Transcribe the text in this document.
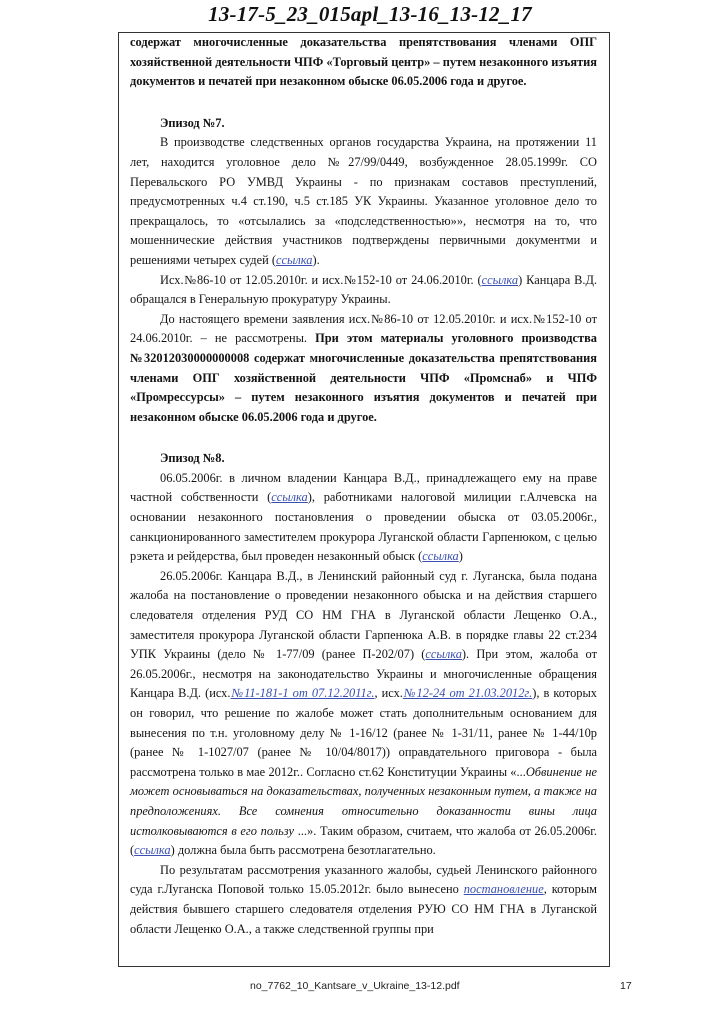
13-17-5_23_015apl_13-16_13-12_17

содержат многочисленные доказательства препятствования членами ОПГ хозяйственной деятельности ЧПФ «Торговый центр» – путем незаконного изъятия документов и печатей при незаконном обыске 06.05.2006 года и другое.

Эпизод №7.

В производстве следственных органов государства Украина, на протяжении 11 лет, находится уголовное дело №27/99/0449, возбужденное 28.05.1999г. СО Перевальского РО УМВД Украины - по признакам составов преступлений, предусмотренных ч.4 ст.190, ч.5 ст.185 УК Украины. Указанное уголовное дело то прекращалось, то «отсылались за «подследственностью»», несмотря на то, что мошеннические действия участников подтверждены первичными документми и решениями четырех судей (ссылка).

Исх.№86-10 от 12.05.2010г. и исх.№152-10 от 24.06.2010г. (ссылка) Канцара В.Д. обращался в Генеральную прокуратуру Украины.

До настоящего времени заявления исх.№86-10 от 12.05.2010г. и исх.№152-10 от 24.06.2010г. – не рассмотрены. При этом материалы уголовного производства №32012030000000008 содержат многочисленные доказательства препятствования членами ОПГ хозяйственной деятельности ЧПФ «Промснаб» и ЧПФ «Промрессурсы» – путем незаконного изъятия документов и печатей при незаконном обыске 06.05.2006 года и другое.

Эпизод №8.

06.05.2006г. в личном владении Канцара В.Д., принадлежащего ему на праве частной собственности (ссылка), работниками налоговой милиции г.Алчевска на основании незаконного постановления о проведении обыска от 03.05.2006г., санкционированного заместителем прокурора Луганской области Гарпенюком, с целью рэкета и рейдерства, был проведен незаконный обыск (ссылка)

26.05.2006г. Канцара В.Д., в Ленинский районный суд г. Луганска, была подана жалоба на постановление о проведении незаконного обыска и на действия старшего следователя отделения РУД СО НМ ГНА в Луганской области Лещенко О.А., заместителя прокурора Луганской области Гарпенюка А.В. в порядке главы 22 ст.234 УПК Украины (дело № 1-77/09 (ранее П-202/07) (ссылка). При этом, жалоба от 26.05.2006г., несмотря на законодательство Украины и многочисленные обращения Канцара В.Д. (исх.№11-181-1 от 07.12.2011г., исх.№12-24 от 21.03.2012г.), в которых он говорил, что решение по жалобе может стать дополнительным основанием для вынесения по т.н. уголовному делу № 1-16/12 (ранее № 1-31/11, ранее № 1-44/10р (ранее № 1-1027/07 (ранее № 10/04/8017)) оправдательного приговора - была рассмотрена только в мае 2012г.. Согласно ст.62 Конституции Украины «...Обвинение не может основываться на доказательствах, полученных незаконным путем, а также на предположениях. Все сомнения относительно доказанности вины лица истолковываются в его пользу ...». Таким образом, считаем, что жалоба от 26.05.2006г. (ссылка) должна была быть рассмотрена безотлагательно.

По результатам рассмотрения указанного жалобы, судьей Ленинского районного суда г.Луганска Поповой только 15.05.2012г. было вынесено постановление, которым действия бывшего старшего следователя отделения РУЮ СО НМ ГНА в Луганской области Лещенко О.А., а также следственной группы при

no_7762_10_Kantsare_v_Ukraine_13-12.pdf	17
